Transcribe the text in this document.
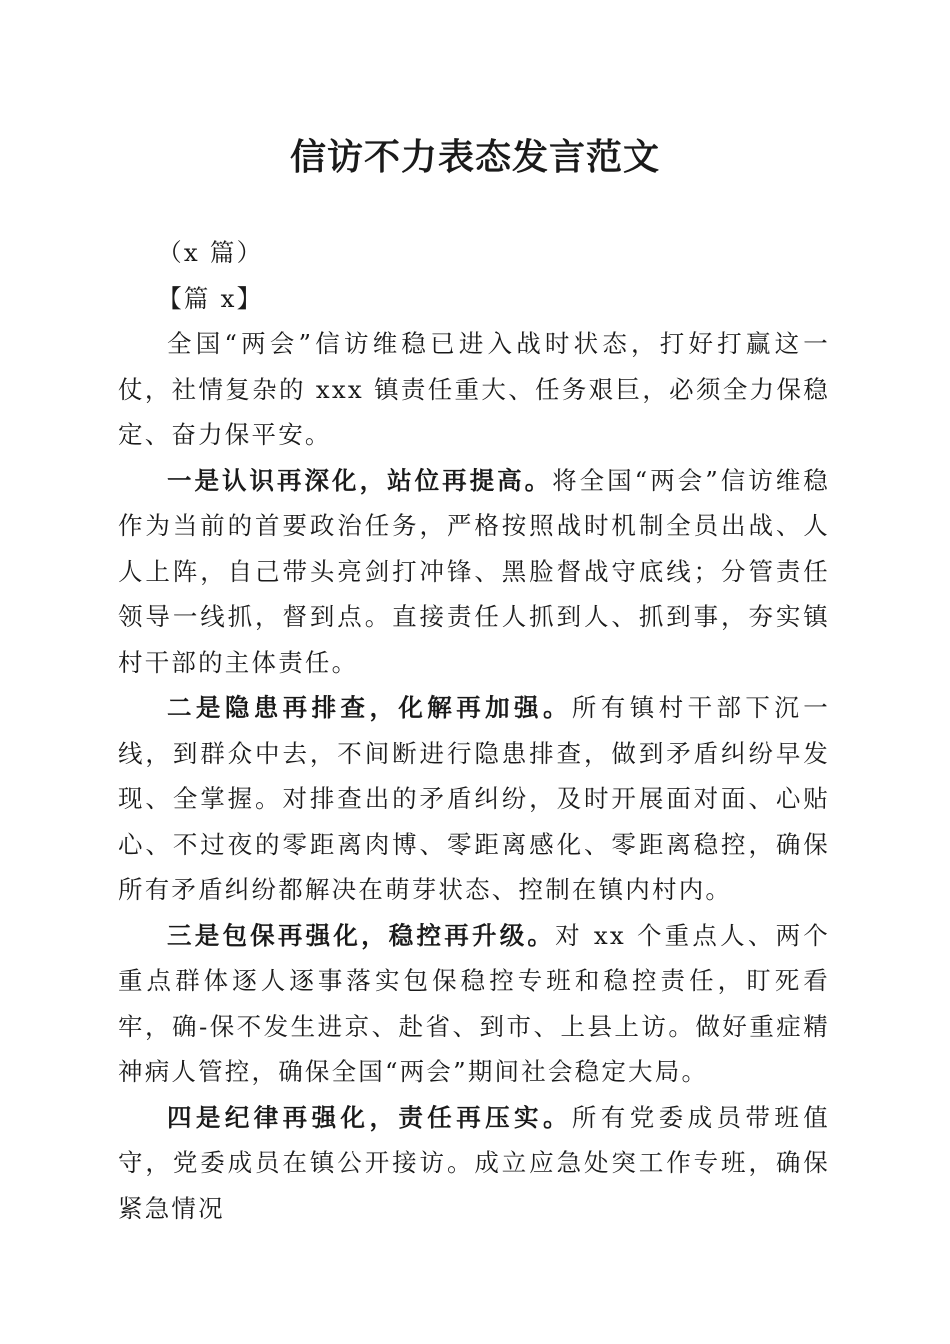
信访不力表态发言范文

（x 篇）

【篇 x】

全国“两会”信访维稳已进入战时状态，打好打赢这一仗，社情复杂的 xxx 镇责任重大、任务艰巨，必须全力保稳定、奋力保平安。

一是认识再深化，站位再提高。将全国“两会”信访维稳作为当前的首要政治任务，严格按照战时机制全员出战、人人上阵，自己带头亮剑打冲锋、黑脸督战守底线；分管责任领导一线抓，督到点。直接责任人抓到人、抓到事，夯实镇村干部的主体责任。

二是隐患再排查，化解再加强。所有镇村干部下沉一线，到群众中去，不间断进行隐患排查，做到矛盾纠纷早发现、全掌握。对排查出的矛盾纠纷，及时开展面对面、心贴心、不过夜的零距离肉博、零距离感化、零距离稳控，确保所有矛盾纠纷都解决在萌芽状态、控制在镇内村内。

三是包保再强化，稳控再升级。对 xx 个重点人、两个重点群体逐人逐事落实包保稳控专班和稳控责任，盯死看牢，确-保不发生进京、赴省、到市、上县上访。做好重症精神病人管控，确保全国“两会”期间社会稳定大局。

四是纪律再强化，责任再压实。所有党委成员带班值守，党委成员在镇公开接访。成立应急处突工作专班，确保紧急情况
